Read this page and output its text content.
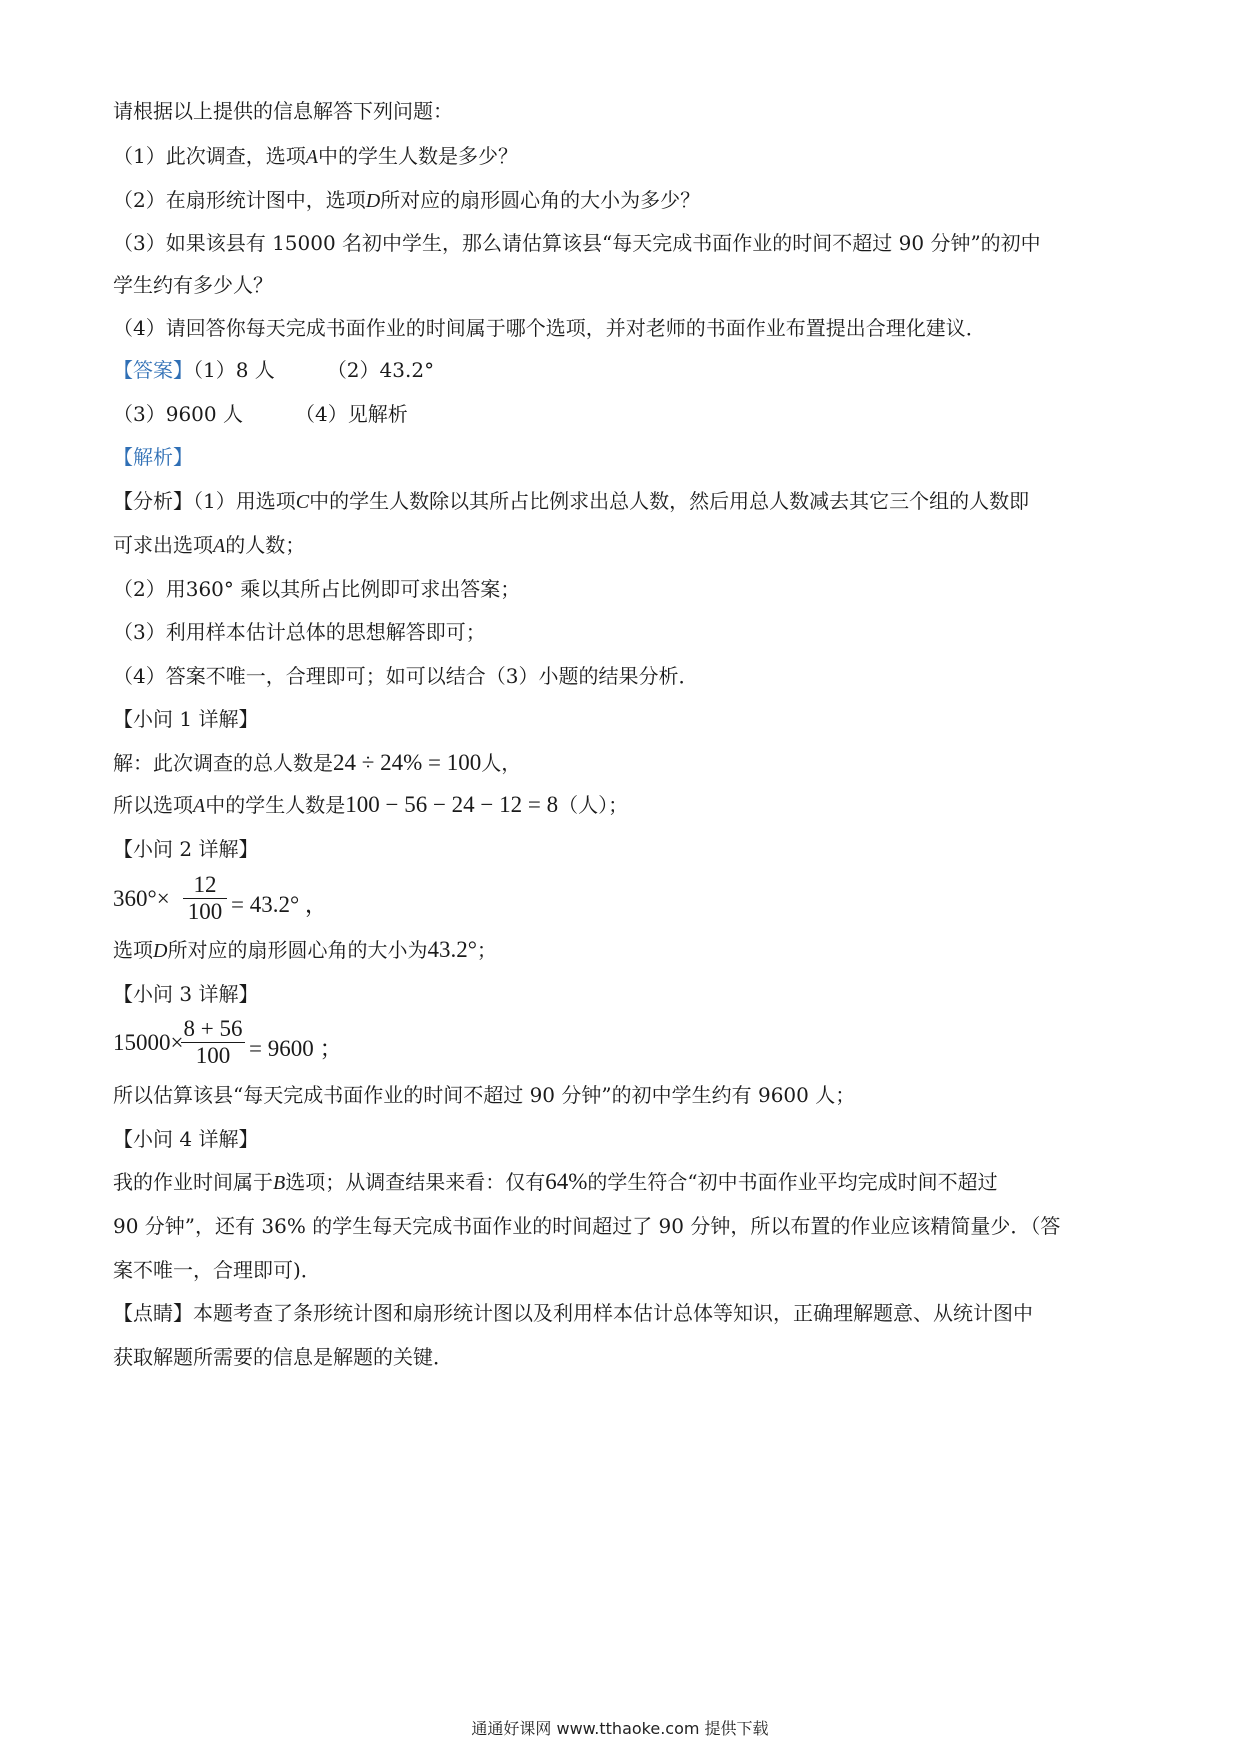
请根据以上提供的信息解答下列问题：
（1）此次调查，选项A中的学生人数是多少？
（2）在扇形统计图中，选项D所对应的扇形圆心角的大小为多少？
（3）如果该县有 15000 名初中学生，那么请估算该县“每天完成书面作业的时间不超过 90 分钟”的初中
学生约有多少人？
（4）请回答你每天完成书面作业的时间属于哪个选项，并对老师的书面作业布置提出合理化建议．
【答案】（1）8 人	（2）43.2°
（3）9600 人	（4）见解析
【解析】
【分析】（1）用选项C中的学生人数除以其所占比例求出总人数，然后用总人数减去其它三个组的人数即
可求出选项A的人数；
（2）用360° 乘以其所占比例即可求出答案；
（3）利用样本估计总体的思想解答即可；
（4）答案不唯一，合理即可；如可以结合（3）小题的结果分析．
【小问 1 详解】
解：此次调查的总人数是24 ÷ 24% = 100人，
所以选项A中的学生人数是100 − 56 − 24 − 12 = 8（人）；
【小问 2 详解】
360°×
12
100 = 43.2° ，
选项D所对应的扇形圆心角的大小为43.2°；
【小问 3 详解】
15000×
8 + 56
100 = 9600 ；
所以估算该县“每天完成书面作业的时间不超过 90 分钟”的初中学生约有 9600 人；
【小问 4 详解】
我的作业时间属于B选项；从调查结果来看：仅有64%的学生符合“初中书面作业平均完成时间不超过
90 分钟”，还有 36% 的学生每天完成书面作业的时间超过了 90 分钟，所以布置的作业应该精简量少．（答
案不唯一，合理即可)．
【点睛】本题考查了条形统计图和扇形统计图以及利用样本估计总体等知识，正确理解题意、从统计图中
获取解题所需要的信息是解题的关键．
通通好课网 www.tthaoke.com 提供下载
